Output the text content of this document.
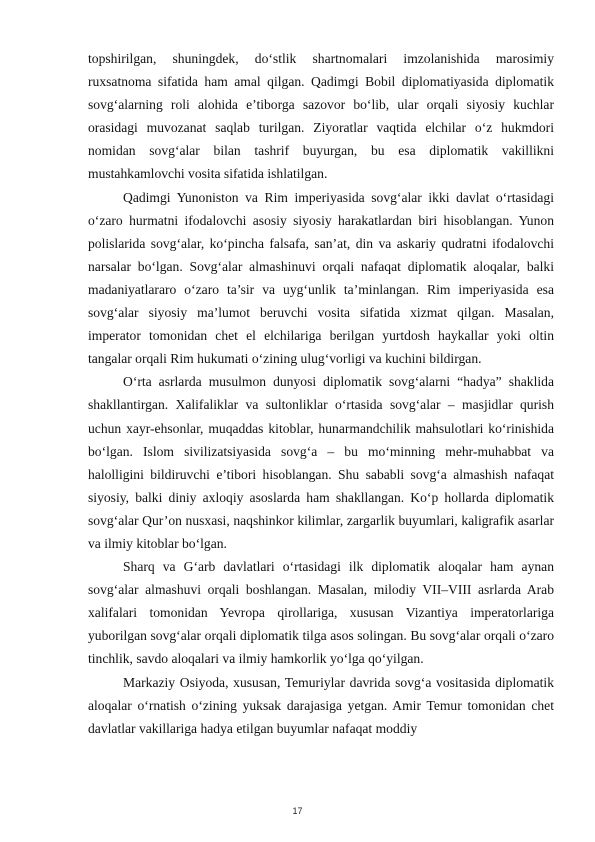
topshirilgan, shuningdek, do‘stlik shartnomalari imzolanishida marosimiy ruxsatnoma sifatida ham amal qilgan. Qadimgi Bobil diplomatiyasida diplomatik sovg‘alarning roli alohida e’tiborga sazovor bo‘lib, ular orqali siyosiy kuchlar orasidagi muvozanat saqlab turilgan. Ziyoratlar vaqtida elchilar o‘z hukmdori nomidan sovg‘alar bilan tashrif buyurgan, bu esa diplomatik vakillikni mustahkamlovchi vosita sifatida ishlatilgan.

Qadimgi Yunoniston va Rim imperiyasida sovg‘alar ikki davlat o‘rtasidagi o‘zaro hurmatni ifodalovchi asosiy siyosiy harakatlardan biri hisoblangan. Yunon polislarida sovg‘alar, ko‘pincha falsafa, san’at, din va askariy qudratni ifodalovchi narsalar bo‘lgan. Sovg‘alar almashinuvi orqali nafaqat diplomatik aloqalar, balki madaniyatlararo o‘zaro ta’sir va uyg‘unlik ta’minlangan. Rim imperiyasida esa sovg‘alar siyosiy ma’lumot beruvchi vosita sifatida xizmat qilgan. Masalan, imperator tomonidan chet el elchilariga berilgan yurtdosh haykallar yoki oltin tangalar orqali Rim hukumati o‘zining ulug‘vorligi va kuchini bildirgan.

O‘rta asrlarda musulmon dunyosi diplomatik sovg‘alarni “hadya” shaklida shakllantirgan. Xalifaliklar va sultonliklar o‘rtasida sovg‘alar – masjidlar qurish uchun xayr-ehsonlar, muqaddas kitoblar, hunarmandchilik mahsulotlari ko‘rinishida bo‘lgan. Islom sivilizatsiyasida sovg‘a – bu mo‘minning mehr-muhabbat va halolligini bildiruvchi e’tibori hisoblangan. Shu sababli sovg‘a almashish nafaqat siyosiy, balki diniy axloqiy asoslarda ham shakllangan. Ko‘p hollarda diplomatik sovg‘alar Qur’on nusxasi, naqshinkor kilimlar, zargarlik buyumlari, kaligrafik asarlar va ilmiy kitoblar bo‘lgan.

Sharq va G‘arb davlatlari o‘rtasidagi ilk diplomatik aloqalar ham aynan sovg‘alar almashuvi orqali boshlangan. Masalan, milodiy VII–VIII asrlarda Arab xalifalari tomonidan Yevropa qirollariga, xususan Vizantiya imperatorlariga yuborilgan sovg‘alar orqali diplomatik tilga asos solingan. Bu sovg‘alar orqali o‘zaro tinchlik, savdo aloqalari va ilmiy hamkorlik yo‘lga qo‘yilgan.

Markaziy Osiyoda, xususan, Temuriylar davrida sovg‘a vositasida diplomatik aloqalar o‘rnatish o‘zining yuksak darajasiga yetgan. Amir Temur tomonidan chet davlatlar vakillariga hadya etilgan buyumlar nafaqat moddiy

17
